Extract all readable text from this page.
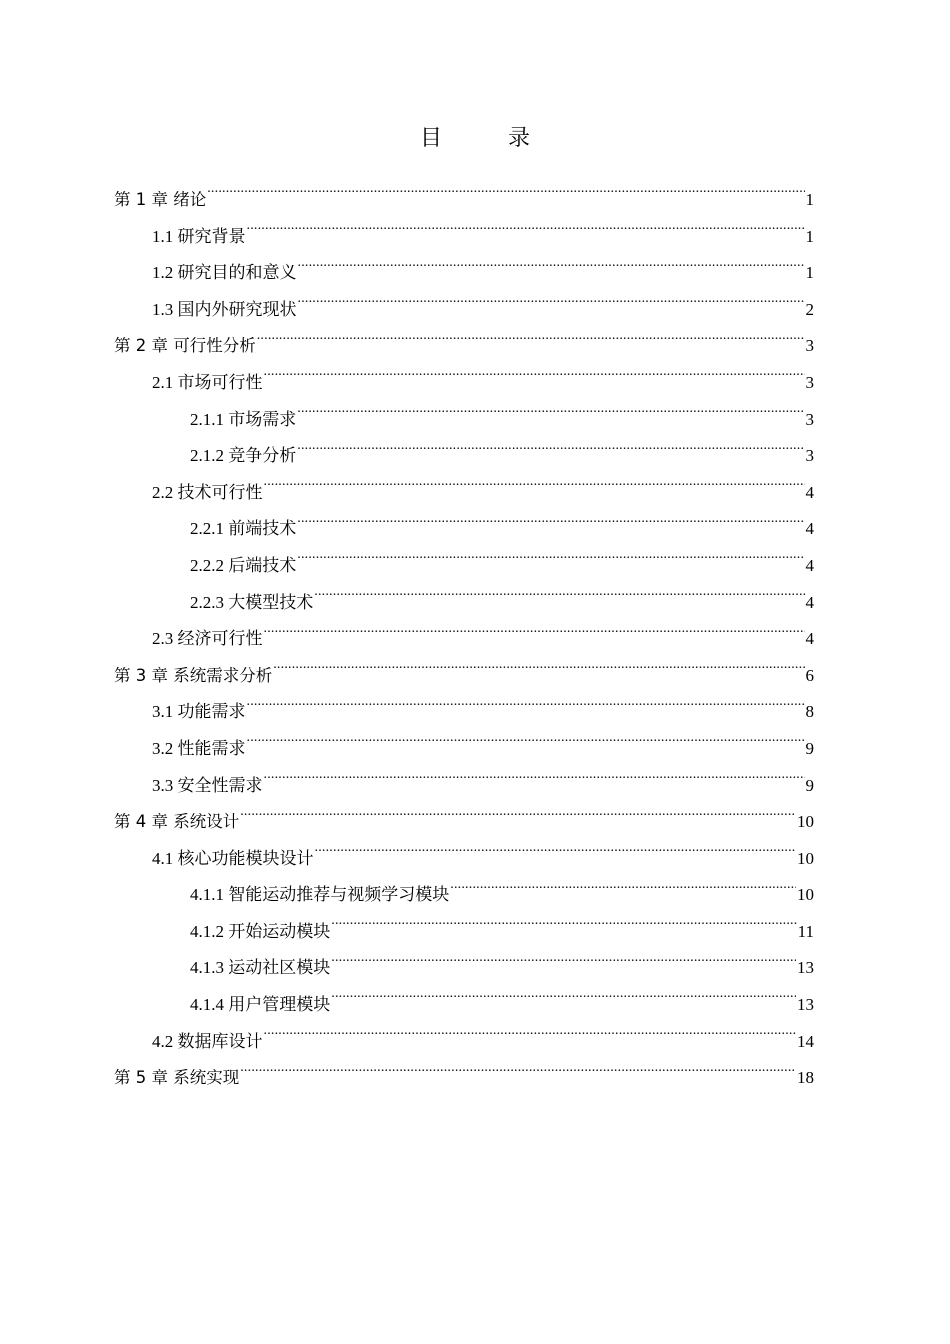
目　录
第 1 章 绪论 .....	1
1.1 研究背景 .....	1
1.2 研究目的和意义 .....	1
1.3 国内外研究现状 .....	2
第 2 章 可行性分析 .....	3
2.1 市场可行性 .....	3
2.1.1 市场需求 .....	3
2.1.2 竞争分析 .....	3
2.2 技术可行性 .....	4
2.2.1 前端技术 .....	4
2.2.2 后端技术 .....	4
2.2.3 大模型技术 .....	4
2.3 经济可行性 .....	4
第 3 章 系统需求分析 .....	6
3.1 功能需求 .....	8
3.2 性能需求 .....	9
3.3 安全性需求 .....	9
第 4 章 系统设计 .....	10
4.1 核心功能模块设计 .....	10
4.1.1 智能运动推荐与视频学习模块 .....	10
4.1.2 开始运动模块 .....	11
4.1.3 运动社区模块 .....	13
4.1.4 用户管理模块 .....	13
4.2 数据库设计 .....	14
第 5 章 系统实现 .....	18
